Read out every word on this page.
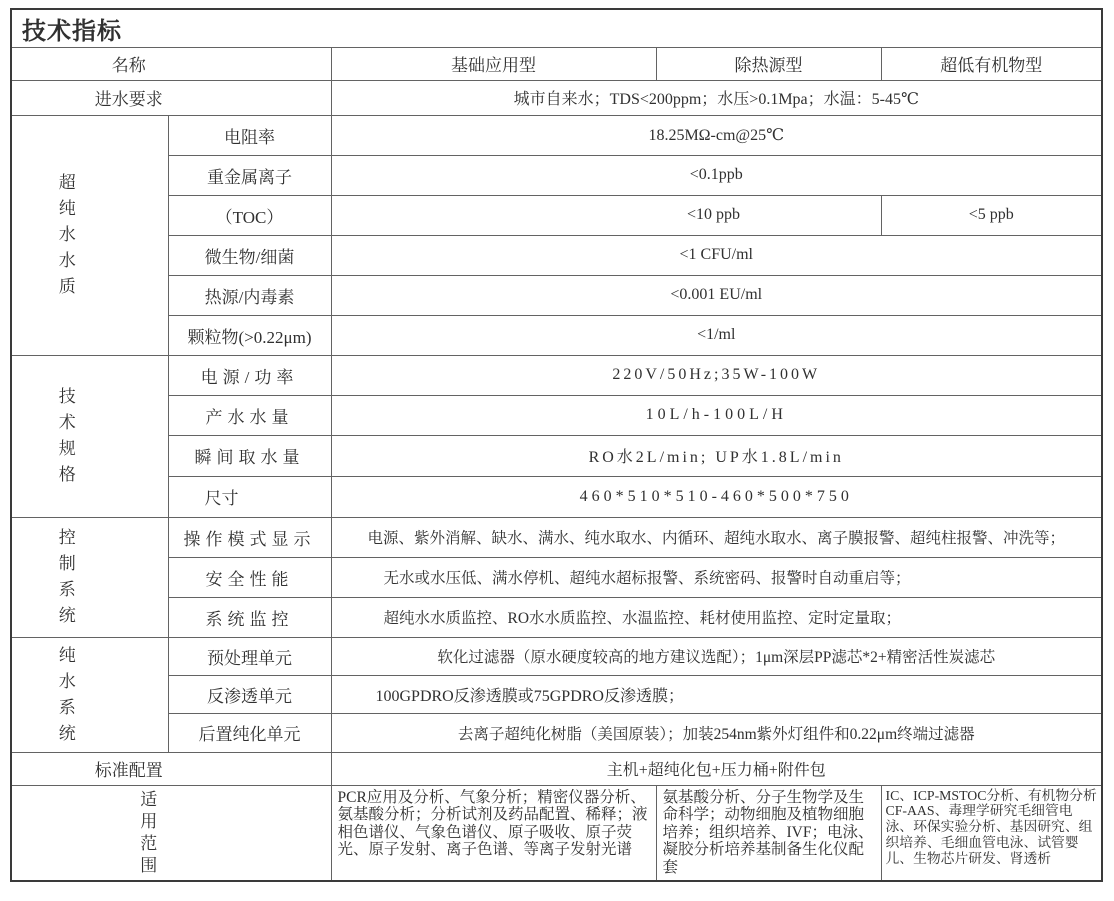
技术指标				
名称		基础应用型	除热源型	超低有机物型
进水要求		城市自来水；TDS<200ppm；水压>0.1Mpa；水温：5-45℃		

超
纯
水
水
质	电阻率	18.25MΩ-cm@25℃		
	重金属离子	<0.1ppb		
	（TOC）	<10 ppb		<5 ppb
	微生物/细菌	<1 CFU/ml		
	热源/内毒素	<0.001 EU/ml		
	颗粒物(>0.22μm)	<1/ml		

技
术
规
格	电源/功率	220V/50Hz;35W-100W		
	产水水量	10L/h-100L/H		
	瞬间取水量	RO水2L/min; UP水1.8L/min		
	尺寸	460*510*510-460*500*750		

控
制
系
统	操作模式显示	电源、紫外消解、缺水、满水、纯水取水、内循环、超纯水取水、离子膜报警、超纯柱报警、冲洗等；		
	安全性能	无水或水压低、满水停机、超纯水超标报警、系统密码、报警时自动重启等；		
	系统监控	超纯水水质监控、RO水水质监控、水温监控、耗材使用监控、定时定量取；		

纯
水
系
统	预处理单元	软化过滤器（原水硬度较高的地方建议选配）；1μm深层PP滤芯*2+精密活性炭滤芯		
	反渗透单元	100GPDRO反渗透膜或75GPDRO反渗透膜；		
	后置纯化单元	去离子超纯化树脂（美国原装）；加装254nm紫外灯组件和0.22μm终端过滤器		
标准配置		主机+超纯化包+压力桶+附件包		

适
用
范
围		PCR应用及分析、气象分析；精密仪器分析、氨基酸分析；分析试剂及药品配置、稀释；液相色谱仪、气象色谱仪、原子吸收、原子荧光、原子发射、离子色谱、等离子发射光谱	氨基酸分析、分子生物学及生命科学；动物细胞及植物细胞培养；组织培养、IVF；电泳、凝胶分析培养基制备生化仪配套	IC、ICP-MSTOC分析、有机物分析CF-AAS、毒理学研究毛细管电泳、环保实验分析、基因研究、组织培养、毛细血管电泳、试管婴儿、生物芯片研发、肾透析
